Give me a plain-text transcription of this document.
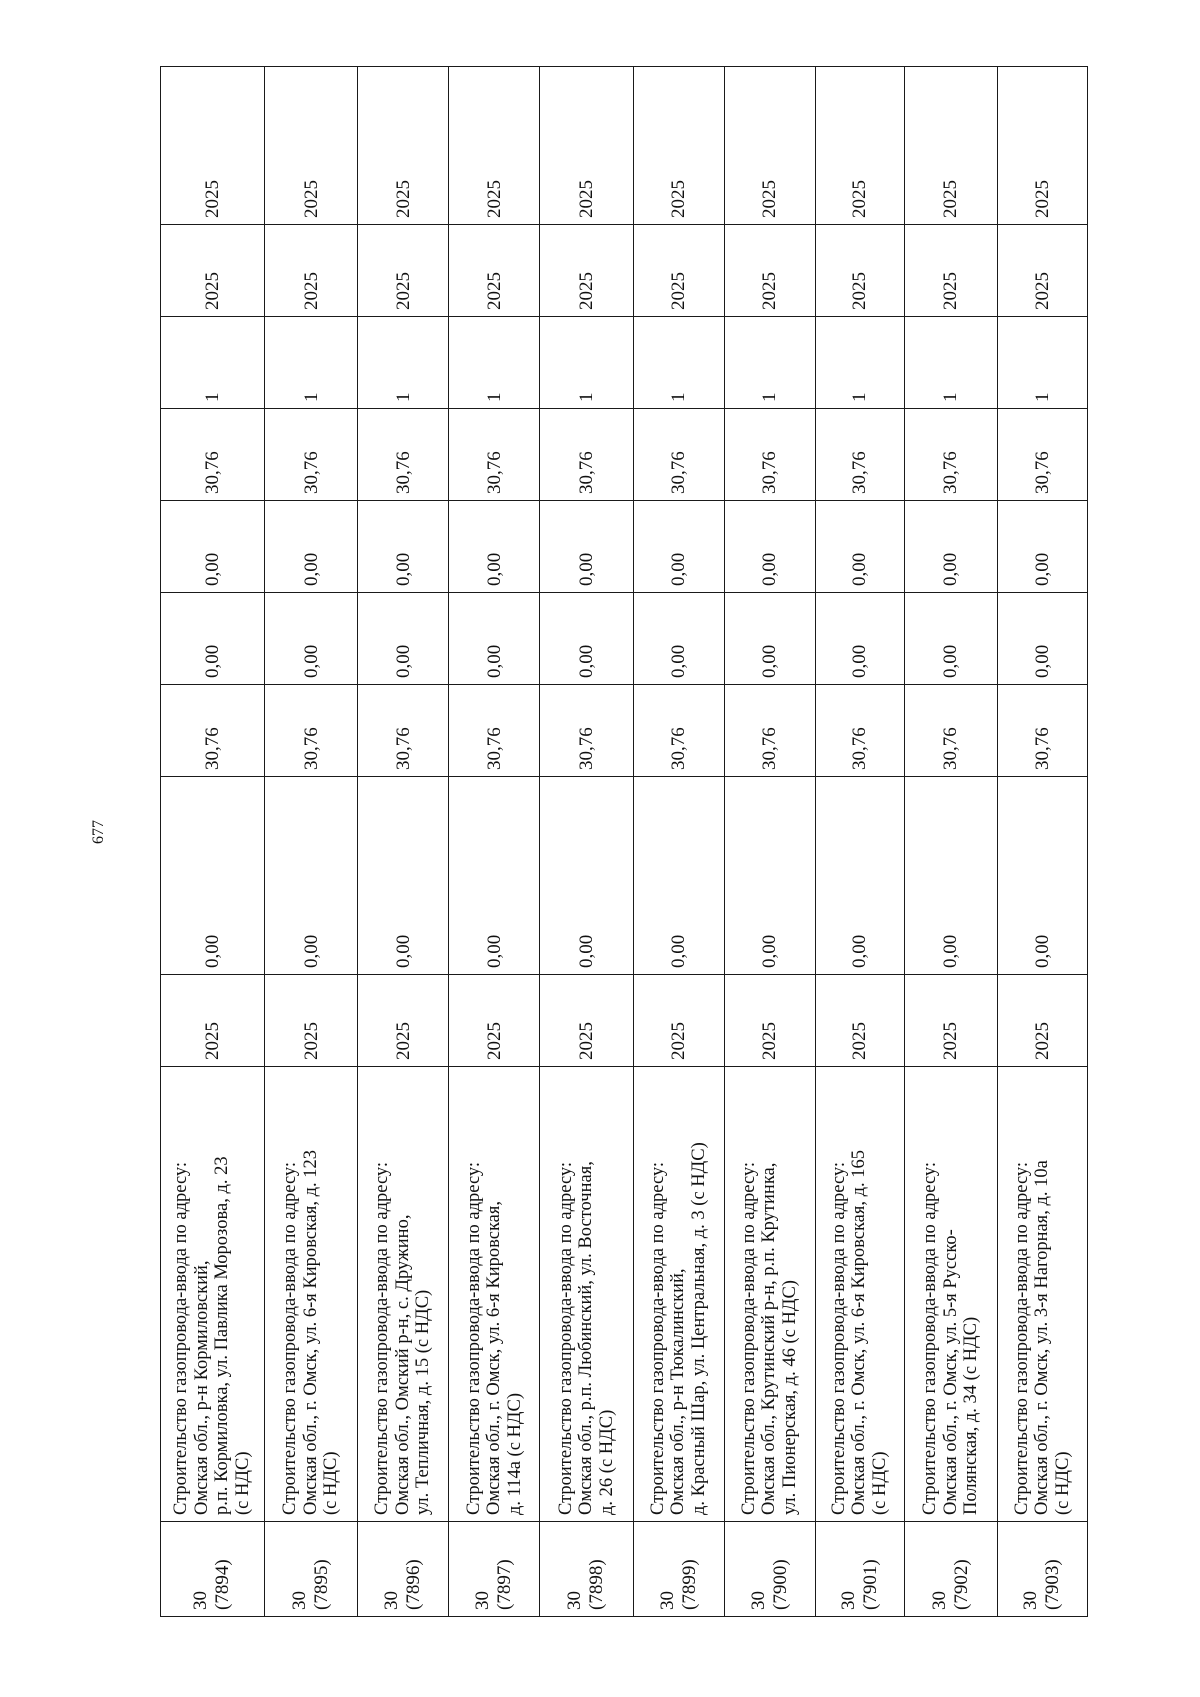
677
30 (7894)	Строительство газопровода-ввода по адресу: Омская обл., р-н Кормиловский, р.п. Кормиловка, ул. Павлика Морозова, д. 23 (с НДС)	2025	0,00	30,76	0,00	0,00	30,76	1	2025	2025

30 (7895)	Строительство газопровода-ввода по адресу: Омская обл., г. Омск, ул. 6-я Кировская, д. 123 (с НДС)	2025	0,00	30,76	0,00	0,00	30,76	1	2025	2025

30 (7896)	Строительство газопровода-ввода по адресу: Омская обл., Омский р-н, с. Дружино, ул. Тепличная, д. 15 (с НДС)	2025	0,00	30,76	0,00	0,00	30,76	1	2025	2025

30 (7897)	Строительство газопровода-ввода по адресу: Омская обл., г. Омск, ул. 6-я Кировская, д. 114а (с НДС)	2025	0,00	30,76	0,00	0,00	30,76	1	2025	2025

30 (7898)	Строительство газопровода-ввода по адресу: Омская обл., р.п. Любинский, ул. Восточная, д. 26 (с НДС)	2025	0,00	30,76	0,00	0,00	30,76	1	2025	2025

30 (7899)	Строительство газопровода-ввода по адресу: Омская обл., р-н Тюкалинский, д. Красный Шар, ул. Центральная, д. 3 (с НДС)	2025	0,00	30,76	0,00	0,00	30,76	1	2025	2025

30 (7900)	Строительство газопровода-ввода по адресу: Омская обл., Крутинский р-н, р.п. Крутинка, ул. Пионерская, д. 46 (с НДС)	2025	0,00	30,76	0,00	0,00	30,76	1	2025	2025

30 (7901)	Строительство газопровода-ввода по адресу: Омская обл., г. Омск, ул. 6-я Кировская, д. 165 (с НДС)	2025	0,00	30,76	0,00	0,00	30,76	1	2025	2025

30 (7902)	Строительство газопровода-ввода по адресу: Омская обл., г. Омск, ул. 5-я Русско- Полянская, д. 34 (с НДС)	2025	0,00	30,76	0,00	0,00	30,76	1	2025	2025

30 (7903)	Строительство газопровода-ввода по адресу: Омская обл., г. Омск, ул. 3-я Нагорная, д. 10а (с НДС)	2025	0,00	30,76	0,00	0,00	30,76	1	2025	2025
